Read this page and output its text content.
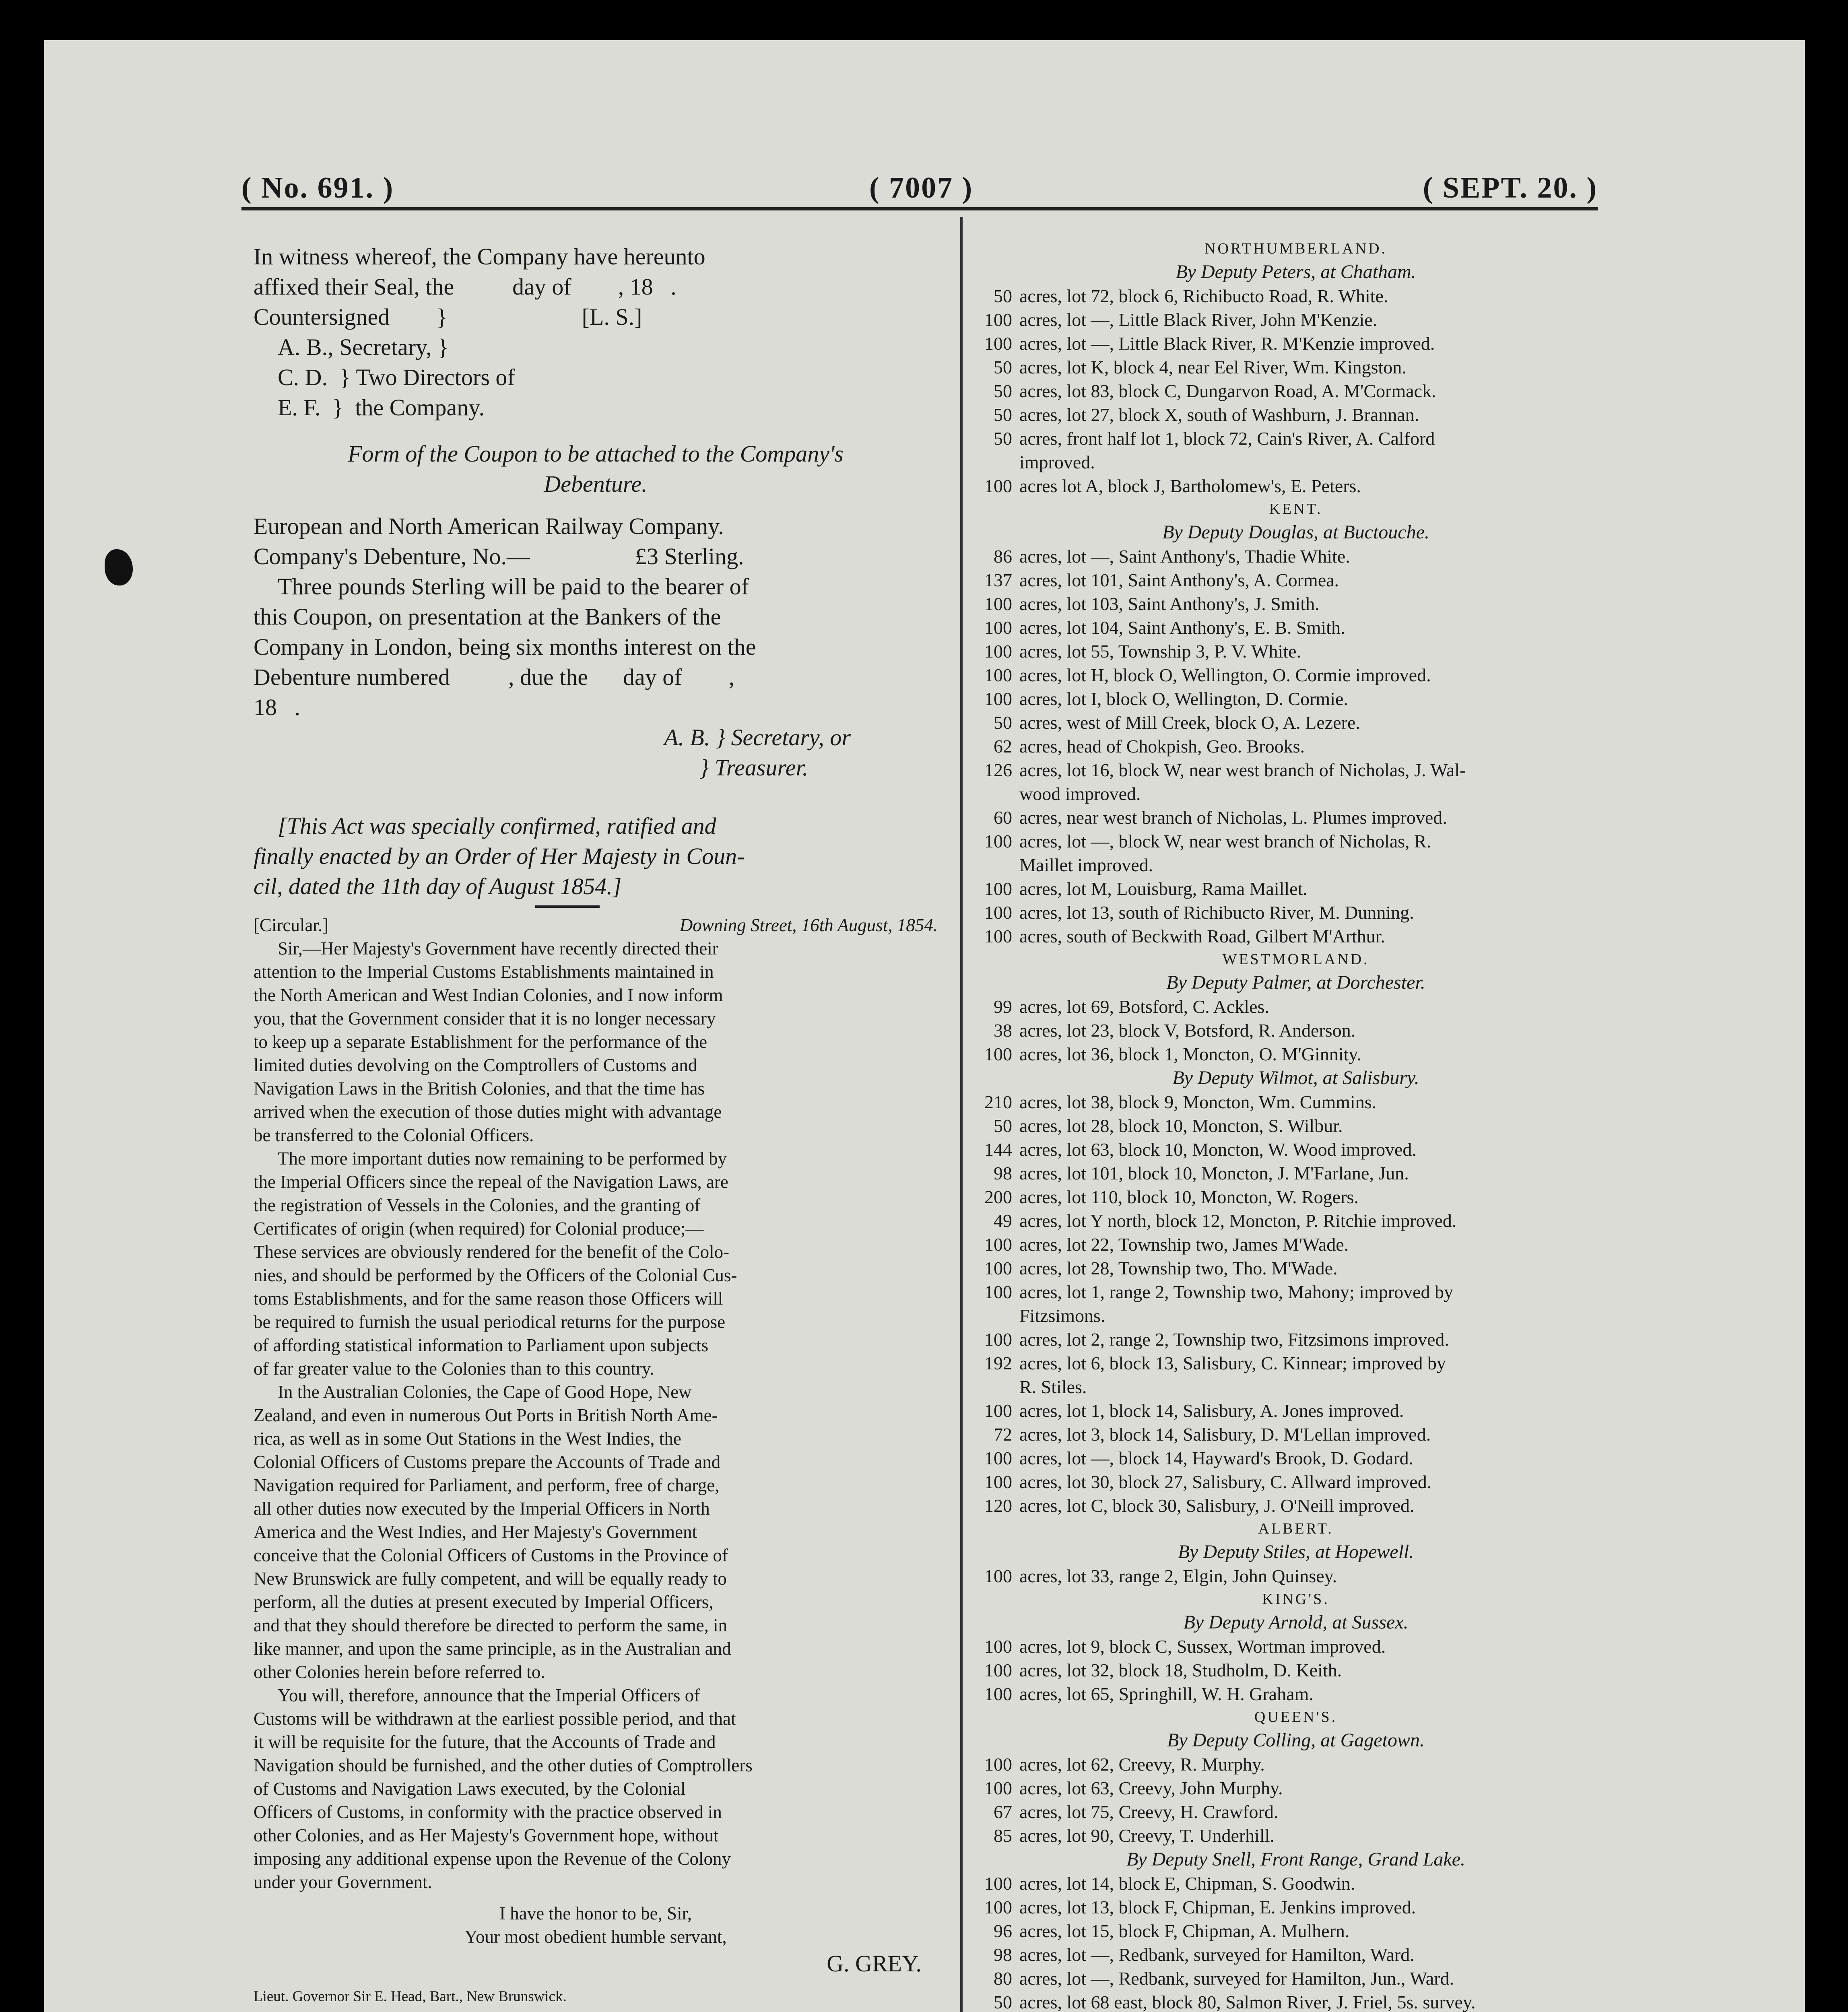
( No. 691. )	( 7007 )	( SEPT. 20. )
In witness whereof, the Company have hereunto
affixed their Seal, the          day of        , 18   .
Countersigned        }                       [L. S.]
A. B., Secretary, }
C. D.  } Two Directors of
E. F.  }  the Company.
Form of the Coupon to be attached to the Company's
Debenture.
European and North American Railway Company.
Company's Debenture, No.—                  £3 Sterling.
Three pounds Sterling will be paid to the bearer of
this Coupon, on presentation at the Bankers of the
Company in London, being six months interest on the
Debenture numbered          , due the      day of        ,
18   .
A. B. } Secretary, or
} Treasurer.
[This Act was specially confirmed, ratified and
finally enacted by an Order of Her Majesty in Coun-
cil, dated the 11th day of August 1854.]
[Circular.]	Downing Street, 16th August, 1854.
Sir,—Her Majesty's Government have recently directed their
attention to the Imperial Customs Establishments maintained in
the North American and West Indian Colonies, and I now inform
you, that the Government consider that it is no longer necessary
to keep up a separate Establishment for the performance of the
limited duties devolving on the Comptrollers of Customs and
Navigation Laws in the British Colonies, and that the time has
arrived when the execution of those duties might with advantage
be transferred to the Colonial Officers.
The more important duties now remaining to be performed by
the Imperial Officers since the repeal of the Navigation Laws, are
the registration of Vessels in the Colonies, and the granting of
Certificates of origin (when required) for Colonial produce;—
These services are obviously rendered for the benefit of the Colo-
nies, and should be performed by the Officers of the Colonial Cus-
toms Establishments, and for the same reason those Officers will
be required to furnish the usual periodical returns for the purpose
of affording statistical information to Parliament upon subjects
of far greater value to the Colonies than to this country.
In the Australian Colonies, the Cape of Good Hope, New
Zealand, and even in numerous Out Ports in British North Ame-
rica, as well as in some Out Stations in the West Indies, the
Colonial Officers of Customs prepare the Accounts of Trade and
Navigation required for Parliament, and perform, free of charge,
all other duties now executed by the Imperial Officers in North
America and the West Indies, and Her Majesty's Government
conceive that the Colonial Officers of Customs in the Province of
New Brunswick are fully competent, and will be equally ready to
perform, all the duties at present executed by Imperial Officers,
and that they should therefore be directed to perform the same, in
like manner, and upon the same principle, as in the Australian and
other Colonies herein before referred to.
You will, therefore, announce that the Imperial Officers of
Customs will be withdrawn at the earliest possible period, and that
it will be requisite for the future, that the Accounts of Trade and
Navigation should be furnished, and the other duties of Comptrollers
of Customs and Navigation Laws executed, by the Colonial
Officers of Customs, in conformity with the practice observed in
other Colonies, and as Her Majesty's Government hope, without
imposing any additional expense upon the Revenue of the Colony
under your Government.
I have the honor to be, Sir,
Your most obedient humble servant,
G. GREY.
Lieut. Governor Sir E. Head, Bart., New Brunswick.
NORTHUMBERLAND.
By Deputy Peters, at Chatham.
50 acres, lot 72, block 6, Richibucto Road, R. White.
100 acres, lot —, Little Black River, John M'Kenzie.
100 acres, lot —, Little Black River, R. M'Kenzie improved.
50 acres, lot K, block 4, near Eel River, Wm. Kingston.
50 acres, lot 83, block C, Dungarvon Road, A. M'Cormack.
50 acres, lot 27, block X, south of Washburn, J. Brannan.
50 acres, front half lot 1, block 72, Cain's River, A. Calford
improved.
100 acres lot A, block J, Bartholomew's, E. Peters.
KENT.
By Deputy Douglas, at Buctouche.
86 acres, lot —, Saint Anthony's, Thadie White.
137 acres, lot 101, Saint Anthony's, A. Cormea.
100 acres, lot 103, Saint Anthony's, J. Smith.
100 acres, lot 104, Saint Anthony's, E. B. Smith.
100 acres, lot 55, Township 3, P. V. White.
100 acres, lot H, block O, Wellington, O. Cormie improved.
100 acres, lot I, block O, Wellington, D. Cormie.
50 acres, west of Mill Creek, block O, A. Lezere.
62 acres, head of Chokpish, Geo. Brooks.
126 acres, lot 16, block W, near west branch of Nicholas, J. Wal-
wood improved.
60 acres, near west branch of Nicholas, L. Plumes improved.
100 acres, lot —, block W, near west branch of Nicholas, R.
Maillet improved.
100 acres, lot M, Louisburg, Rama Maillet.
100 acres, lot 13, south of Richibucto River, M. Dunning.
100 acres, south of Beckwith Road, Gilbert M'Arthur.
WESTMORLAND.
By Deputy Palmer, at Dorchester.
99 acres, lot 69, Botsford, C. Ackles.
38 acres, lot 23, block V, Botsford, R. Anderson.
100 acres, lot 36, block 1, Moncton, O. M'Ginnity.
By Deputy Wilmot, at Salisbury.
210 acres, lot 38, block 9, Moncton, Wm. Cummins.
50 acres, lot 28, block 10, Moncton, S. Wilbur.
144 acres, lot 63, block 10, Moncton, W. Wood improved.
98 acres, lot 101, block 10, Moncton, J. M'Farlane, Jun.
200 acres, lot 110, block 10, Moncton, W. Rogers.
49 acres, lot Y north, block 12, Moncton, P. Ritchie improved.
100 acres, lot 22, Township two, James M'Wade.
100 acres, lot 28, Township two, Tho. M'Wade.
100 acres, lot 1, range 2, Township two, Mahony; improved by
Fitzsimons.
100 acres, lot 2, range 2, Township two, Fitzsimons improved.
192 acres, lot 6, block 13, Salisbury, C. Kinnear; improved by
R. Stiles.
100 acres, lot 1, block 14, Salisbury, A. Jones improved.
72 acres, lot 3, block 14, Salisbury, D. M'Lellan improved.
100 acres, lot —, block 14, Hayward's Brook, D. Godard.
100 acres, lot 30, block 27, Salisbury, C. Allward improved.
120 acres, lot C, block 30, Salisbury, J. O'Neill improved.
ALBERT.
By Deputy Stiles, at Hopewell.
100 acres, lot 33, range 2, Elgin, John Quinsey.
KING'S.
By Deputy Arnold, at Sussex.
100 acres, lot 9, block C, Sussex, Wortman improved.
100 acres, lot 32, block 18, Studholm, D. Keith.
100 acres, lot 65, Springhill, W. H. Graham.
QUEEN'S.
By Deputy Colling, at Gagetown.
100 acres, lot 62, Creevy, R. Murphy.
100 acres, lot 63, Creevy, John Murphy.
67 acres, lot 75, Creevy, H. Crawford.
85 acres, lot 90, Creevy, T. Underhill.
By Deputy Snell, Front Range, Grand Lake.
100 acres, lot 14, block E, Chipman, S. Goodwin.
100 acres, lot 13, block F, Chipman, E. Jenkins improved.
96 acres, lot 15, block F, Chipman, A. Mulhern.
98 acres, lot —, Redbank, surveyed for Hamilton, Ward.
80 acres, lot —, Redbank, surveyed for Hamilton, Jun., Ward.
50 acres, lot 68 east, block 80, Salmon River, J. Friel, 5s. survey.
